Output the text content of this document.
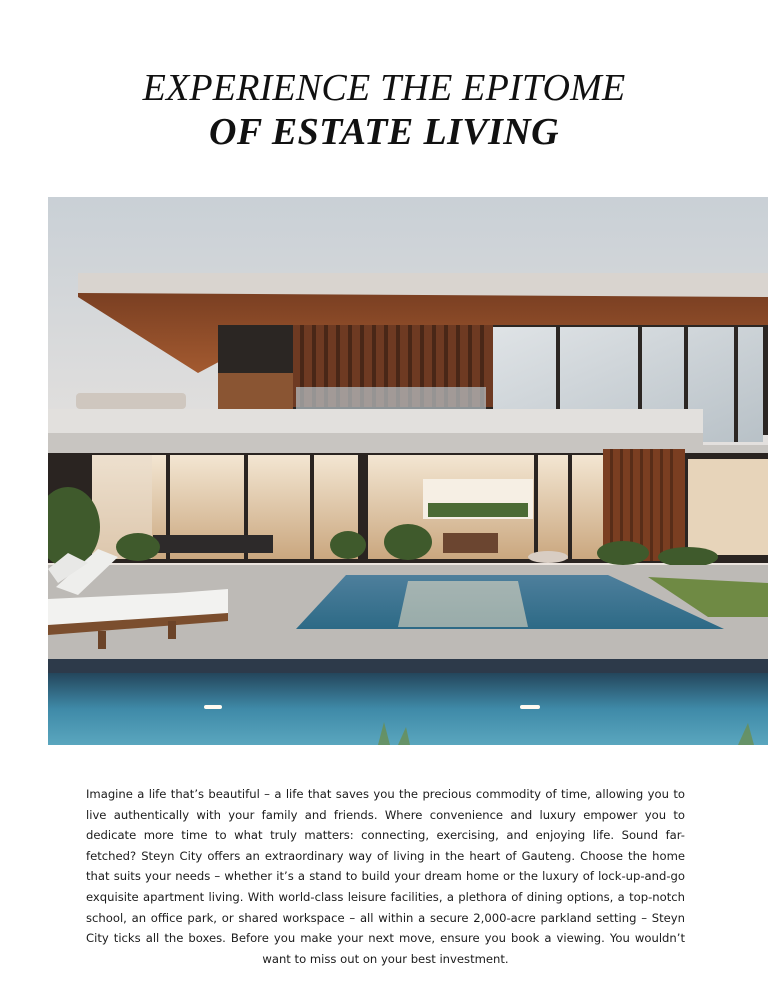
EXPERIENCE THE EPITOME
OF ESTATE LIVING

Imagine a life that’s beautiful – a life that saves you the precious commodity of time, allowing you to live authentically with your family and friends. Where convenience and luxury empower you to dedicate more time to what truly matters: connecting, exercising, and enjoying life. Sound far-fetched? Steyn City offers an extraordinary way of living in the heart of Gauteng. Choose the home that suits your needs – whether it’s a stand to build your dream home or the luxury of lock-up-and-go exquisite apartment living. With world-class leisure facilities, a plethora of dining options, a top-notch school, an office park, or shared workspace – all within a secure 2,000-acre parkland setting – Steyn City ticks all the boxes. Before you make your next move, ensure you book a viewing. You wouldn’t want to miss out on your best investment.
